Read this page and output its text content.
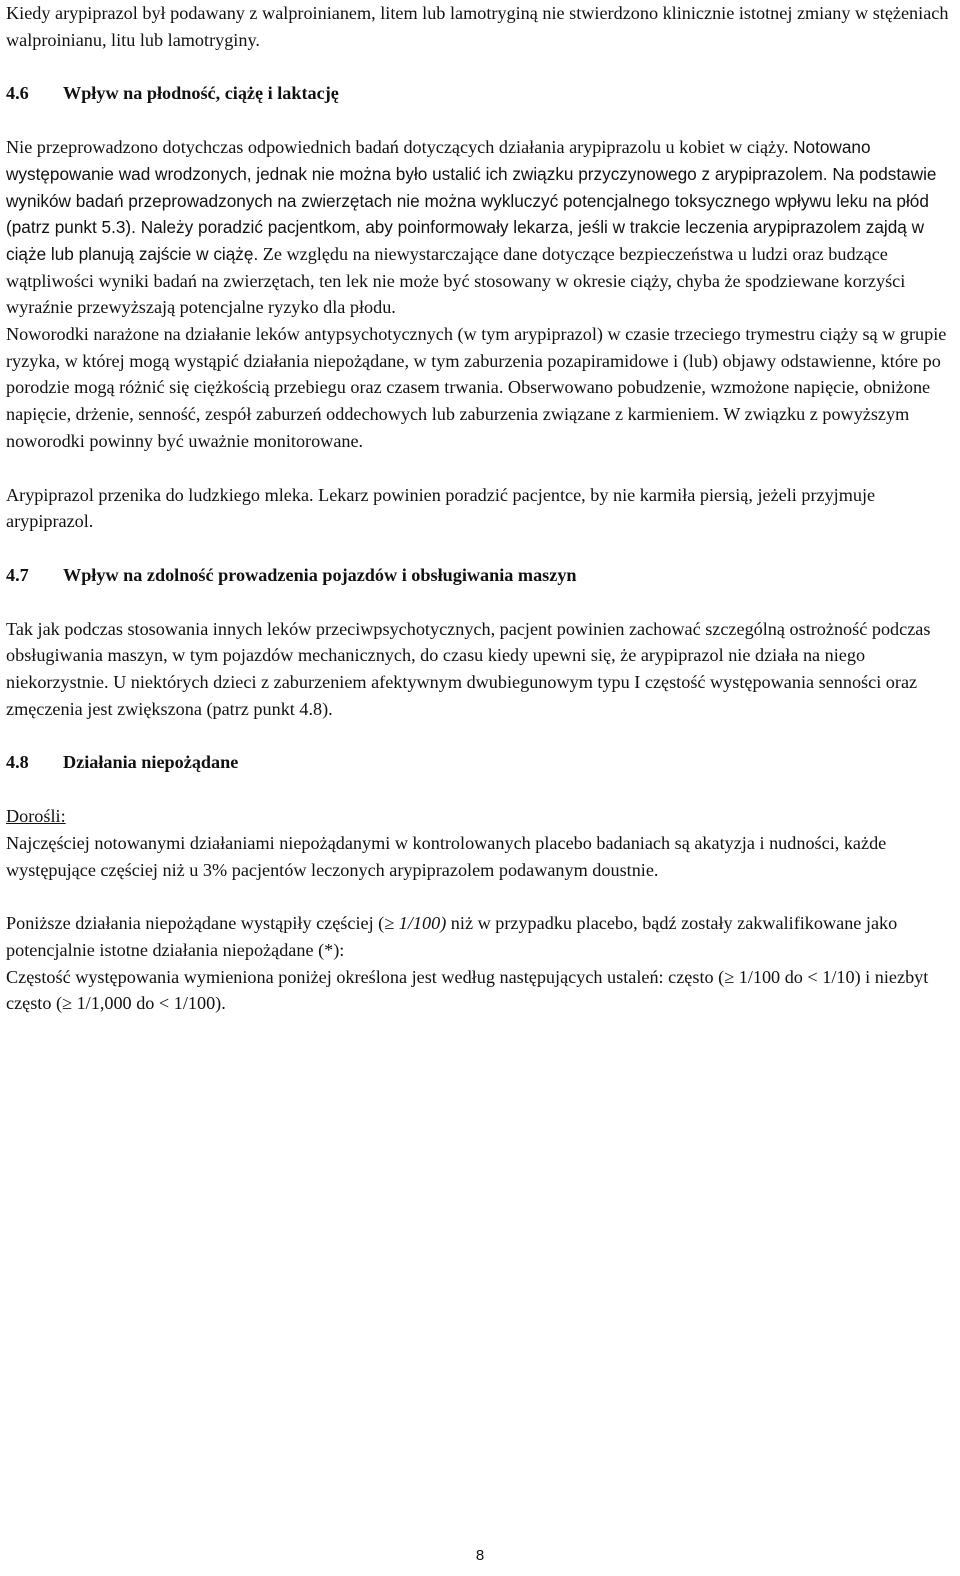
Kiedy arypiprazol był podawany z walproinianem, litem lub lamotryginą nie stwierdzono klinicznie istotnej zmiany w stężeniach walproinianu, litu lub lamotryginy.

4.6	Wpływ na płodność, ciążę i laktację

Nie przeprowadzono dotychczas odpowiednich badań dotyczących działania arypiprazolu u kobiet w ciąży. Notowano występowanie wad wrodzonych, jednak nie można było ustalić ich związku przyczynowego z arypiprazolem. Na podstawie wyników badań przeprowadzonych na zwierzętach nie można wykluczyć potencjalnego toksycznego wpływu leku na płód (patrz punkt 5.3). Należy poradzić pacjentkom, aby poinformowały lekarza, jeśli w trakcie leczenia arypiprazolem zajdą w ciąże lub planują zajście w ciążę. Ze względu na niewystarczające dane dotyczące bezpieczeństwa u ludzi oraz budzące wątpliwości wyniki badań na zwierzętach, ten lek nie może być stosowany w okresie ciąży, chyba że spodziewane korzyści wyraźnie przewyższają potencjalne ryzyko dla płodu.

Noworodki narażone na działanie leków antypsychotycznych (w tym arypiprazol) w czasie trzeciego trymestru ciąży są w grupie ryzyka, w której mogą wystąpić działania niepożądane, w tym zaburzenia pozapiramidowe i (lub) objawy odstawienne, które po porodzie mogą różnić się ciężkością przebiegu oraz czasem trwania. Obserwowano pobudzenie, wzmożone napięcie, obniżone napięcie, drżenie, senność, zespół zaburzeń oddechowych lub zaburzenia związane z karmieniem. W związku z powyższym noworodki powinny być uważnie monitorowane.

Arypiprazol przenika do ludzkiego mleka. Lekarz powinien poradzić pacjentce, by nie karmiła piersią, jeżeli przyjmuje arypiprazol.

4.7	Wpływ na zdolność prowadzenia pojazdów i obsługiwania maszyn

Tak jak podczas stosowania innych leków przeciwpsychotycznych, pacjent powinien zachować szczególną ostrożność podczas obsługiwania maszyn, w tym pojazdów mechanicznych, do czasu kiedy upewni się, że arypiprazol nie działa na niego niekorzystnie. U niektórych dzieci z zaburzeniem afektywnym dwubiegunowym typu I częstość występowania senności oraz zmęczenia jest zwiększona (patrz punkt 4.8).

4.8	Działania niepożądane

Dorośli:

Najczęściej notowanymi działaniami niepożądanymi w kontrolowanych placebo badaniach są akatyzja i nudności, każde występujące częściej niż u 3% pacjentów leczonych arypiprazolem podawanym doustnie.

Poniższe działania niepożądane wystąpiły częściej (≥ 1/100) niż w przypadku placebo, bądź zostały zakwalifikowane jako potencjalnie istotne działania niepożądane (*):

Częstość występowania wymieniona poniżej określona jest według następujących ustaleń: często (≥ 1/100 do < 1/10) i niezbyt często (≥ 1/1,000 do < 1/100).

8
